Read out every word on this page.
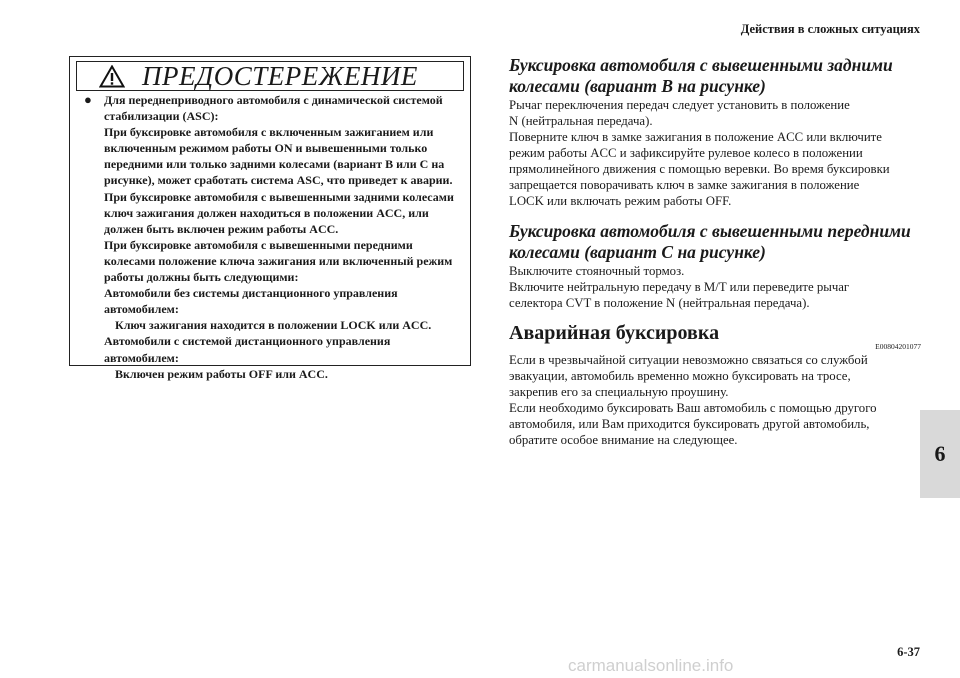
Действия в сложных ситуациях
6
6-37
ПРЕДОСТЕРЕЖЕНИЕ
● Для переднеприводного автомобиля с динамической системой
стабилизации (ASC):
При буксировке автомобиля с включенным зажиганием или
включенным режимом работы ON и вывешенными только
передними или только задними колесами (вариант В или С на
рисунке), может сработать система ASC, что приведет к аварии.
При буксировке автомобиля с вывешенными задними колесами
ключ зажигания должен находиться в положении ACC, или
должен быть включен режим работы ACC.
При буксировке автомобиля с вывешенными передними
колесами положение ключа зажигания или включенный режим
работы должны быть следующими:
Автомобили без системы дистанционного управления
автомобилем:
Ключ зажигания находится в положении LOCK или ACC.
Автомобили с системой дистанционного управления
автомобилем:
Включен режим работы OFF или ACC.
Буксировка автомобиля с вывешенными задними
колесами (вариант В на рисунке)
Рычаг переключения передач следует установить в положение
N (нейтральная передача).
Поверните ключ в замке зажигания в положение ACC или включите
режим работы ACC и зафиксируйте рулевое колесо в положении
прямолинейного движения с помощью веревки. Во время буксировки
запрещается поворачивать ключ в замке зажигания в положение
LOCK или включать режим работы OFF.
Буксировка автомобиля с вывешенными передними
колесами (вариант С на рисунке)
Выключите стояночный тормоз.
Включите нейтральную передачу в M/T или переведите рычаг
селектора CVT в положение N (нейтральная передача).
Аварийная буксировка
E00804201077
Если в чрезвычайной ситуации невозможно связаться со службой
эвакуации, автомобиль временно можно буксировать на тросе,
закрепив его за специальную проушину.
Если необходимо буксировать Ваш автомобиль с помощью другого
автомобиля, или Вам приходится буксировать другой автомобиль,
обратите особое внимание на следующее.
carmanualsonline.info
